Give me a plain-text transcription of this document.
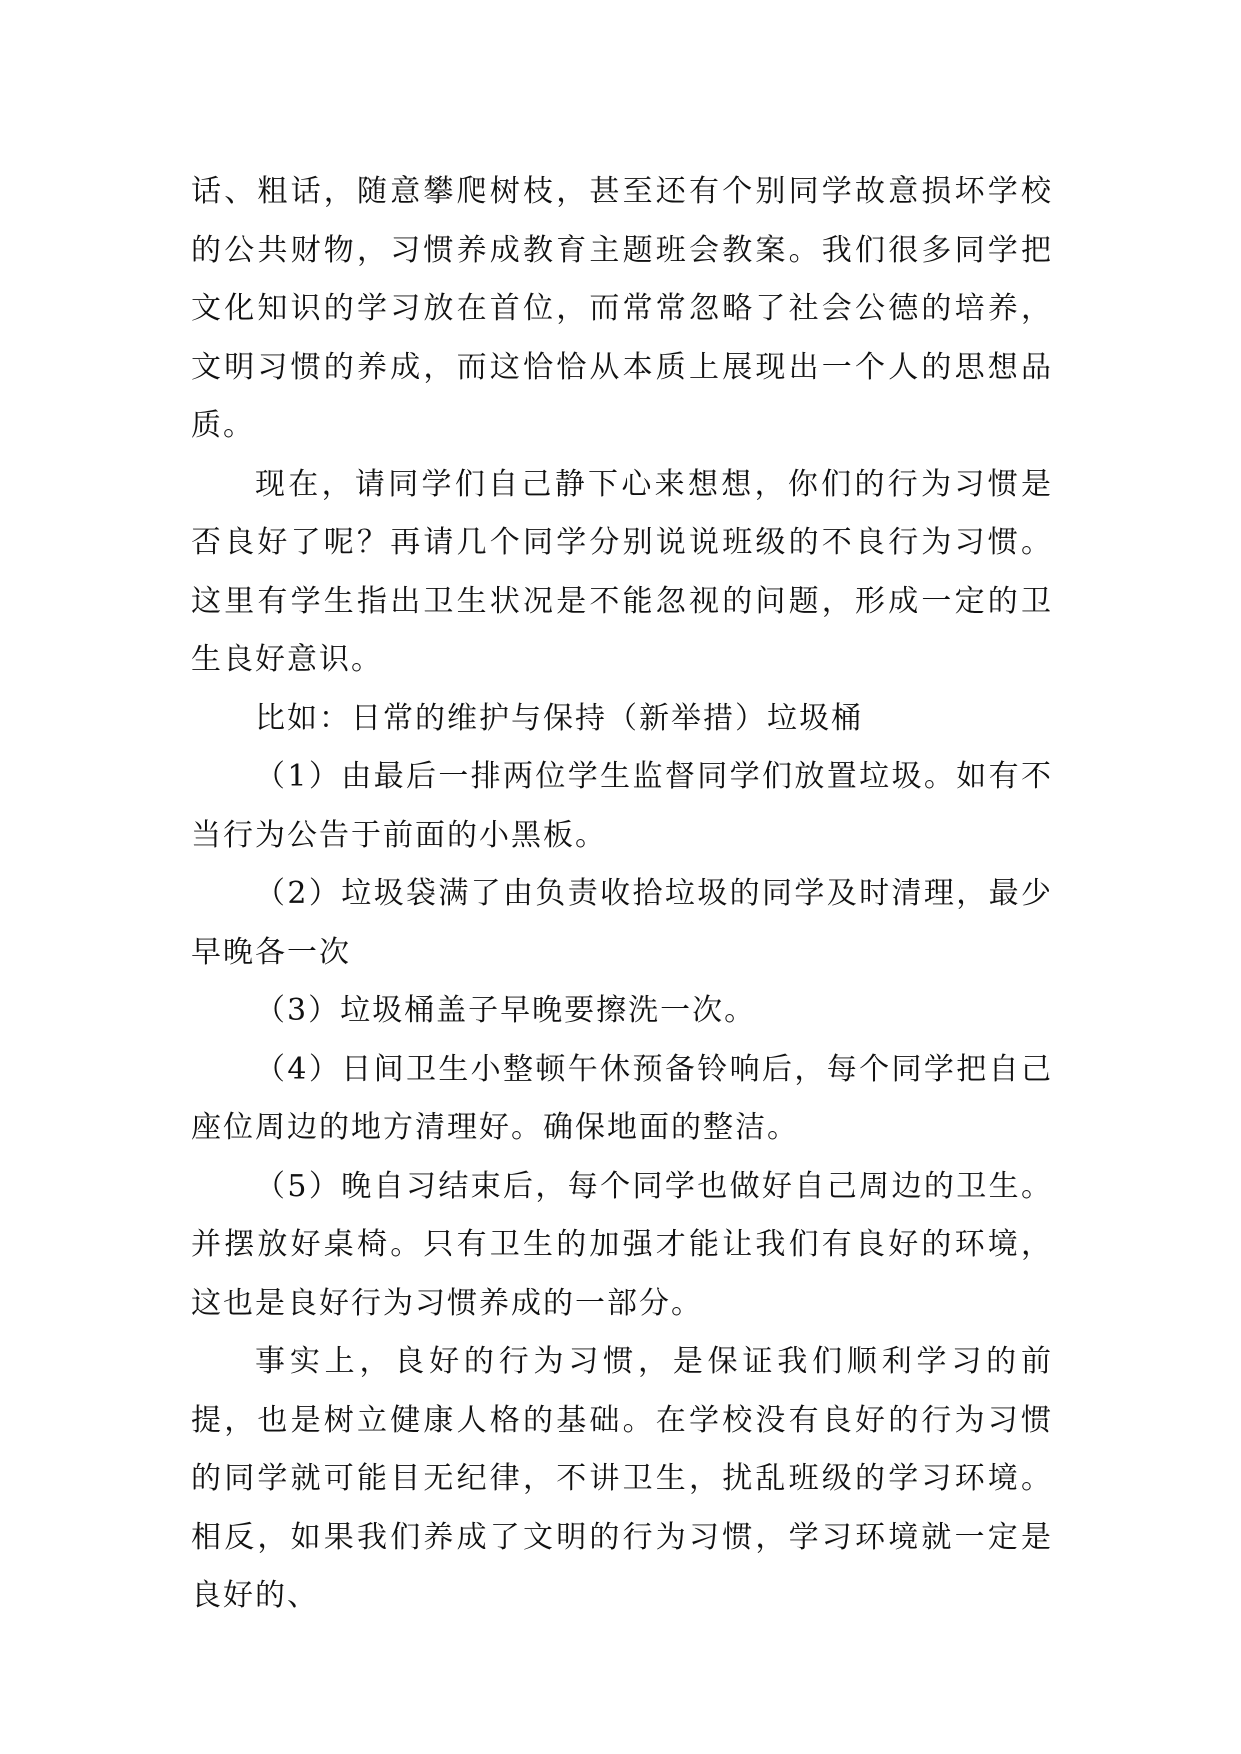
话、粗话，随意攀爬树枝，甚至还有个别同学故意损坏学校的公共财物，习惯养成教育主题班会教案。我们很多同学把文化知识的学习放在首位，而常常忽略了社会公德的培养，文明习惯的养成，而这恰恰从本质上展现出一个人的思想品质。

现在，请同学们自己静下心来想想，你们的行为习惯是否良好了呢？再请几个同学分别说说班级的不良行为习惯。这里有学生指出卫生状况是不能忽视的问题，形成一定的卫生良好意识。

比如：日常的维护与保持（新举措）垃圾桶

（1）由最后一排两位学生监督同学们放置垃圾。如有不当行为公告于前面的小黑板。

（2）垃圾袋满了由负责收拾垃圾的同学及时清理，最少早晚各一次

（3）垃圾桶盖子早晚要擦洗一次。

（4）日间卫生小整顿午休预备铃响后，每个同学把自己座位周边的地方清理好。确保地面的整洁。

（5）晚自习结束后，每个同学也做好自己周边的卫生。并摆放好桌椅。只有卫生的加强才能让我们有良好的环境，这也是良好行为习惯养成的一部分。

事实上，良好的行为习惯，是保证我们顺利学习的前提，也是树立健康人格的基础。在学校没有良好的行为习惯的同学就可能目无纪律，不讲卫生，扰乱班级的学习环境。相反，如果我们养成了文明的行为习惯，学习环境就一定是良好的、
